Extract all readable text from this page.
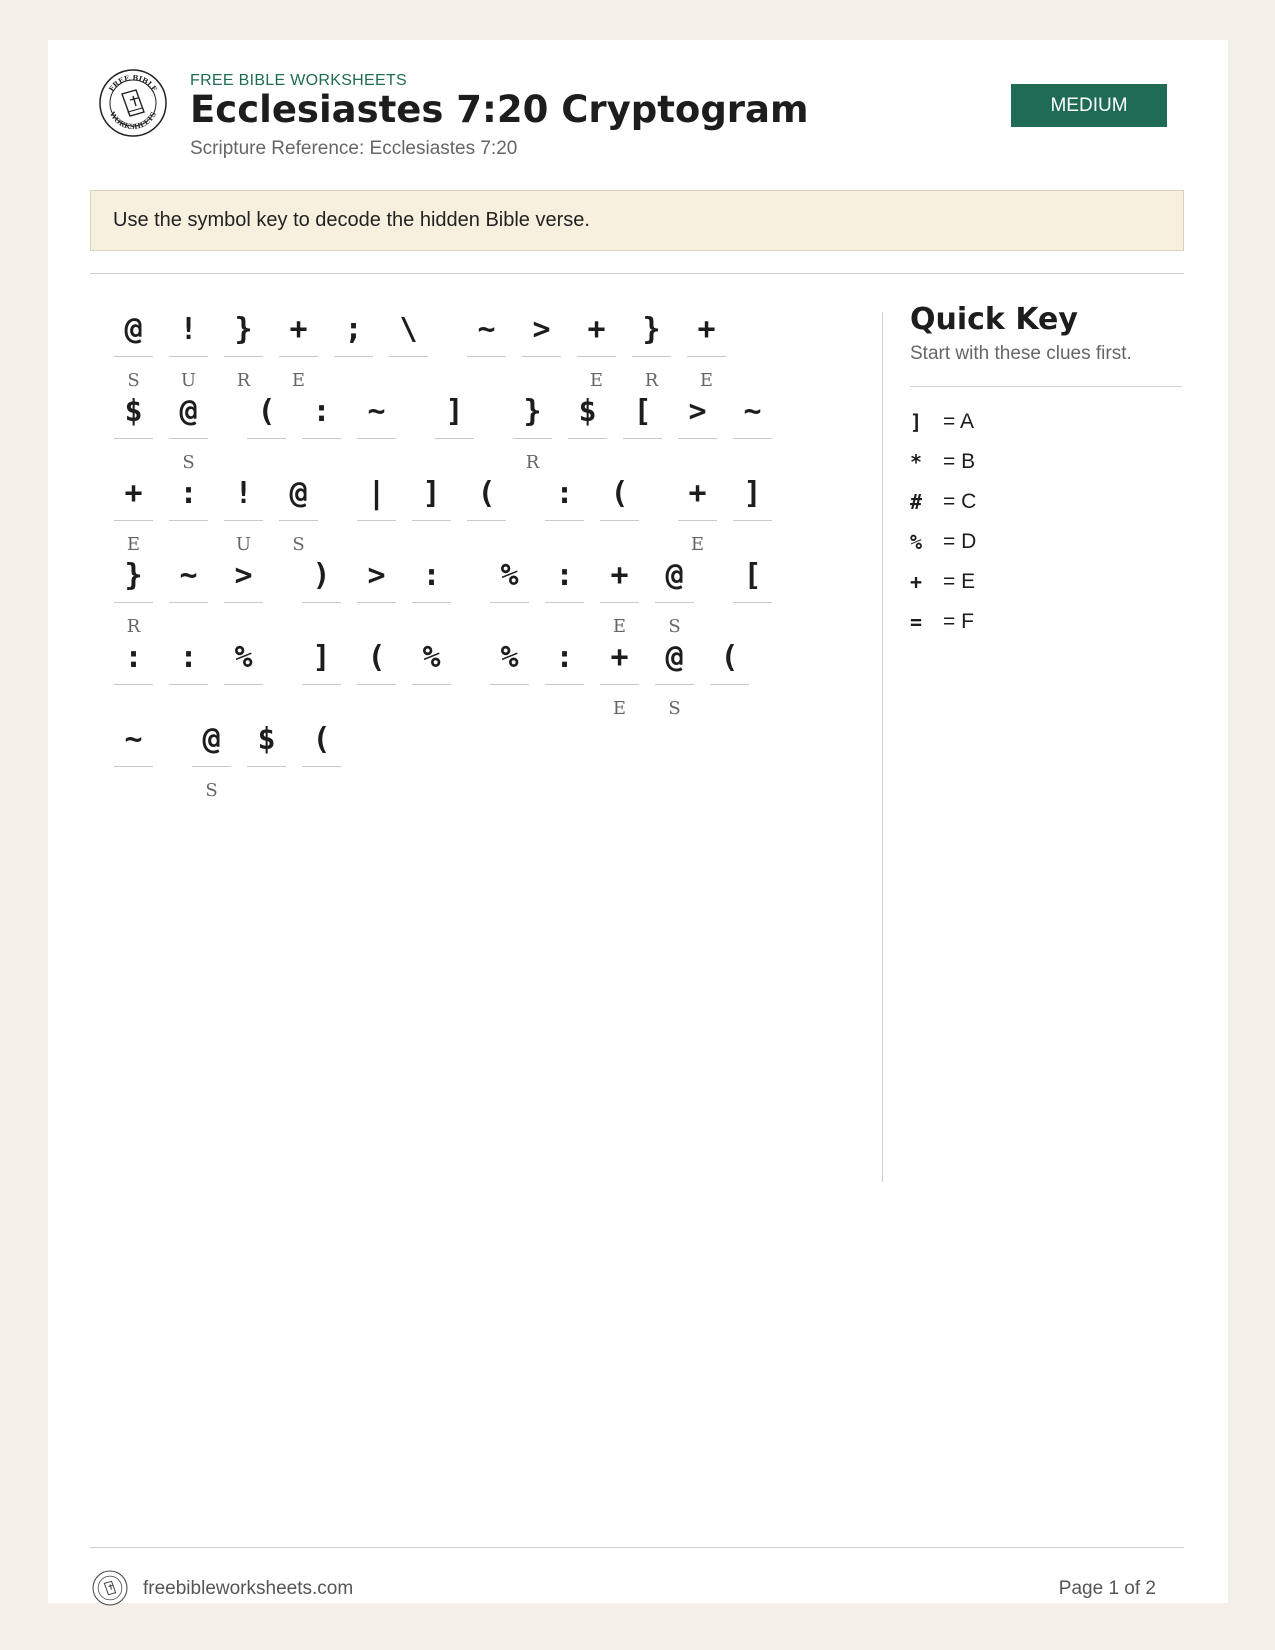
FREE BIBLE
WORKSHEETS
FREE BIBLE WORKSHEETS
Ecclesiastes 7:20 Cryptogram
Scripture Reference: Ecclesiastes 7:20
MEDIUM
Use the symbol key to decode the hidden Bible verse.
@
S
!
U
}
R
+
E
;	\	~	>	+
E
}
R
+
E
$	@
S
(	:	~	]	}
R
$	[	>	~
+
E
:	!
U
@
S
|	]	(	:	(	+
E
]
}
R
~	>	)	>	:	%	:	+
E
@
S
[
:	:	%	]	(	%	%	:	+
E
@
S
(
~	@
S
$	(
Quick Key
Start with these clues first.
] = A
* = B
# = C
% = D
+ = E
= = F
freebibleworksheets.com	Page 1 of 2
